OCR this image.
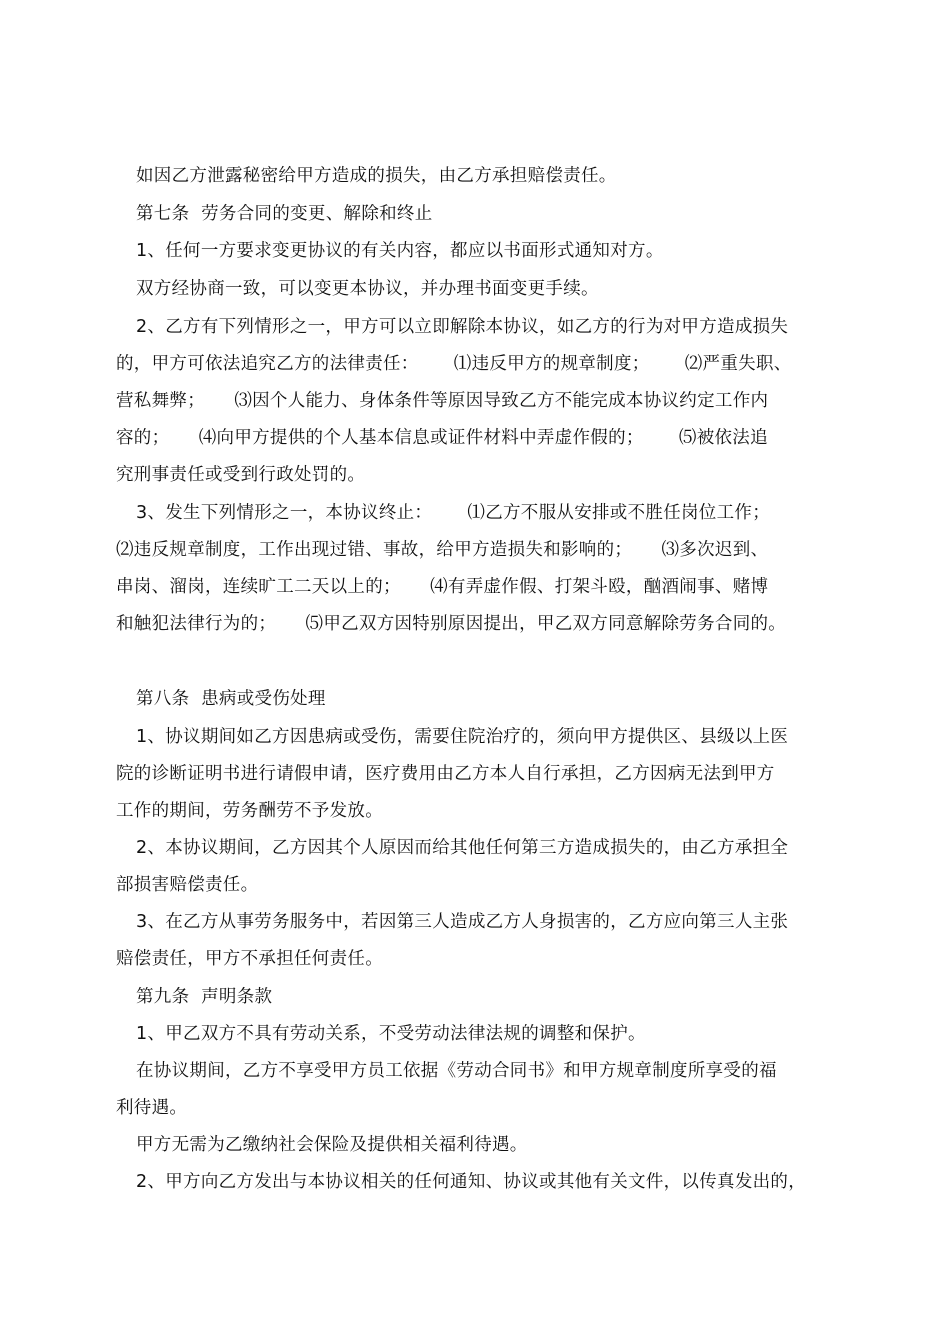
如因乙方泄露秘密给甲方造成的损失，由乙方承担赔偿责任。

第七条  劳务合同的变更、解除和终止

1、任何一方要求变更协议的有关内容，都应以书面形式通知对方。

双方经协商一致，可以变更本协议，并办理书面变更手续。

2、乙方有下列情形之一，甲方可以立即解除本协议，如乙方的行为对甲方造成损失

的，甲方可依法追究乙方的法律责任：      ⑴违反甲方的规章制度；      ⑵严重失职、

营私舞弊；     ⑶因个人能力、身体条件等原因导致乙方不能完成本协议约定工作内

容的；     ⑷向甲方提供的个人基本信息或证件材料中弄虚作假的；      ⑸被依法追

究刑事责任或受到行政处罚的。

3、发生下列情形之一，本协议终止：      ⑴乙方不服从安排或不胜任岗位工作；

⑵违反规章制度，工作出现过错、事故，给甲方造损失和影响的；     ⑶多次迟到、

串岗、溜岗，连续旷工二天以上的；     ⑷有弄虚作假、打架斗殴，酗酒闹事、赌博

和触犯法律行为的；     ⑸甲乙双方因特别原因提出，甲乙双方同意解除劳务合同的。

第八条  患病或受伤处理

1、协议期间如乙方因患病或受伤，需要住院治疗的，须向甲方提供区、县级以上医

院的诊断证明书进行请假申请，医疗费用由乙方本人自行承担，乙方因病无法到甲方

工作的期间，劳务酬劳不予发放。

2、本协议期间，乙方因其个人原因而给其他任何第三方造成损失的，由乙方承担全

部损害赔偿责任。

3、在乙方从事劳务服务中，若因第三人造成乙方人身损害的，乙方应向第三人主张

赔偿责任，甲方不承担任何责任。

第九条  声明条款

1、甲乙双方不具有劳动关系，不受劳动法律法规的调整和保护。

在协议期间，乙方不享受甲方员工依据《劳动合同书》和甲方规章制度所享受的福

利待遇。

甲方无需为乙缴纳社会保险及提供相关福利待遇。

2、甲方向乙方发出与本协议相关的任何通知、协议或其他有关文件，以传真发出的，
